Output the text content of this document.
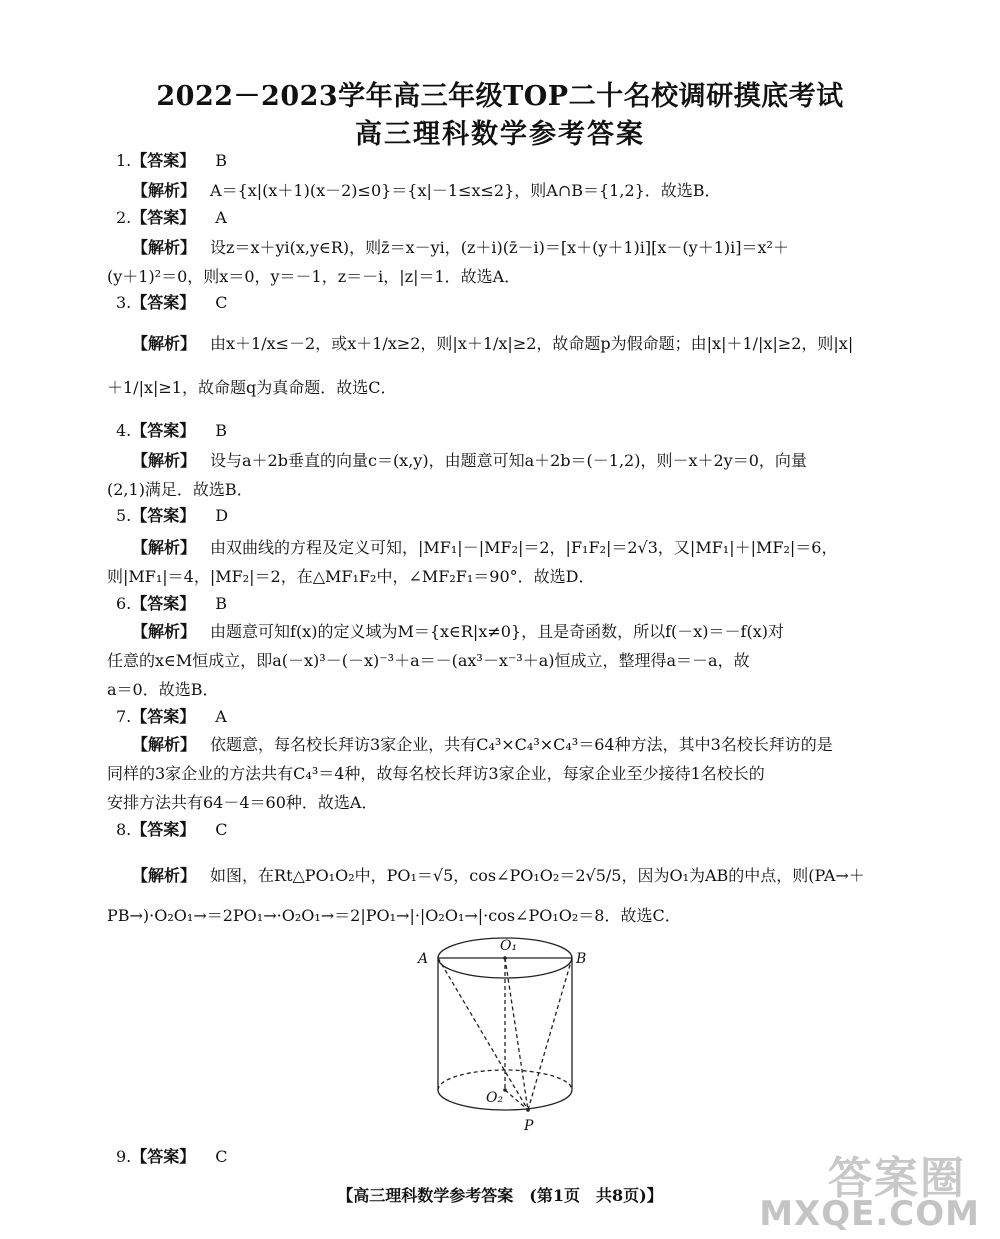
2022－2023学年高三年级TOP二十名校调研摸底考试
高三理科数学参考答案
1.【答案】 B
【解析】 A＝{x|(x＋1)(x－2)≤0}＝{x|－1≤x≤2}，则A∩B＝{1,2}．故选B．
2.【答案】 A
【解析】 设z＝x＋yi(x,y∈R)，则z̄＝x－yi，(z＋i)(z̄－i)＝[x＋(y＋1)i][x－(y＋1)i]＝x²＋
(y＋1)²＝0，则x＝0，y＝－1，z＝－i，|z|＝1．故选A．
3.【答案】 C
【解析】 由x＋1/x≤－2，或x＋1/x≥2，则|x＋1/x|≥2，故命题p为假命题；由|x|＋1/|x|≥2，则|x|
＋1/|x|≥1，故命题q为真命题．故选C．
4.【答案】 B
【解析】 设与a＋2b垂直的向量c＝(x,y)，由题意可知a＋2b＝(－1,2)，则－x＋2y＝0，向量
(2,1)满足．故选B．
5.【答案】 D
【解析】 由双曲线的方程及定义可知，|MF₁|－|MF₂|＝2，|F₁F₂|＝2√3，又|MF₁|＋|MF₂|＝6，
则|MF₁|＝4，|MF₂|＝2，在△MF₁F₂中，∠MF₂F₁＝90°．故选D．
6.【答案】 B
【解析】 由题意可知f(x)的定义域为M＝{x∈R|x≠0}，且是奇函数，所以f(－x)＝－f(x)对
任意的x∈M恒成立，即a(－x)³－(－x)⁻³＋a＝－(ax³－x⁻³＋a)恒成立，整理得a＝－a，故
a＝0．故选B．
7.【答案】 A
【解析】 依题意，每名校长拜访3家企业，共有C₄³×C₄³×C₄³＝64种方法，其中3名校长拜访的是
同样的3家企业的方法共有C₄³＝4种，故每名校长拜访3家企业，每家企业至少接待1名校长的
安排方法共有64－4＝60种．故选A．
8.【答案】 C
【解析】 如图，在Rt△PO₁O₂中，PO₁＝√5，cos∠PO₁O₂＝2√5/5，因为O₁为AB的中点，则(PA→＋
PB→)·O₂O₁→＝2PO₁→·O₂O₁→＝2|PO₁→|·|O₂O₁→|·cos∠PO₁O₂＝8．故选C．
A	B
O₁
O₂
P
9.【答案】 C
【高三理科数学参考答案　(第1页　共8页)】	答案圈
MXQE.COM
